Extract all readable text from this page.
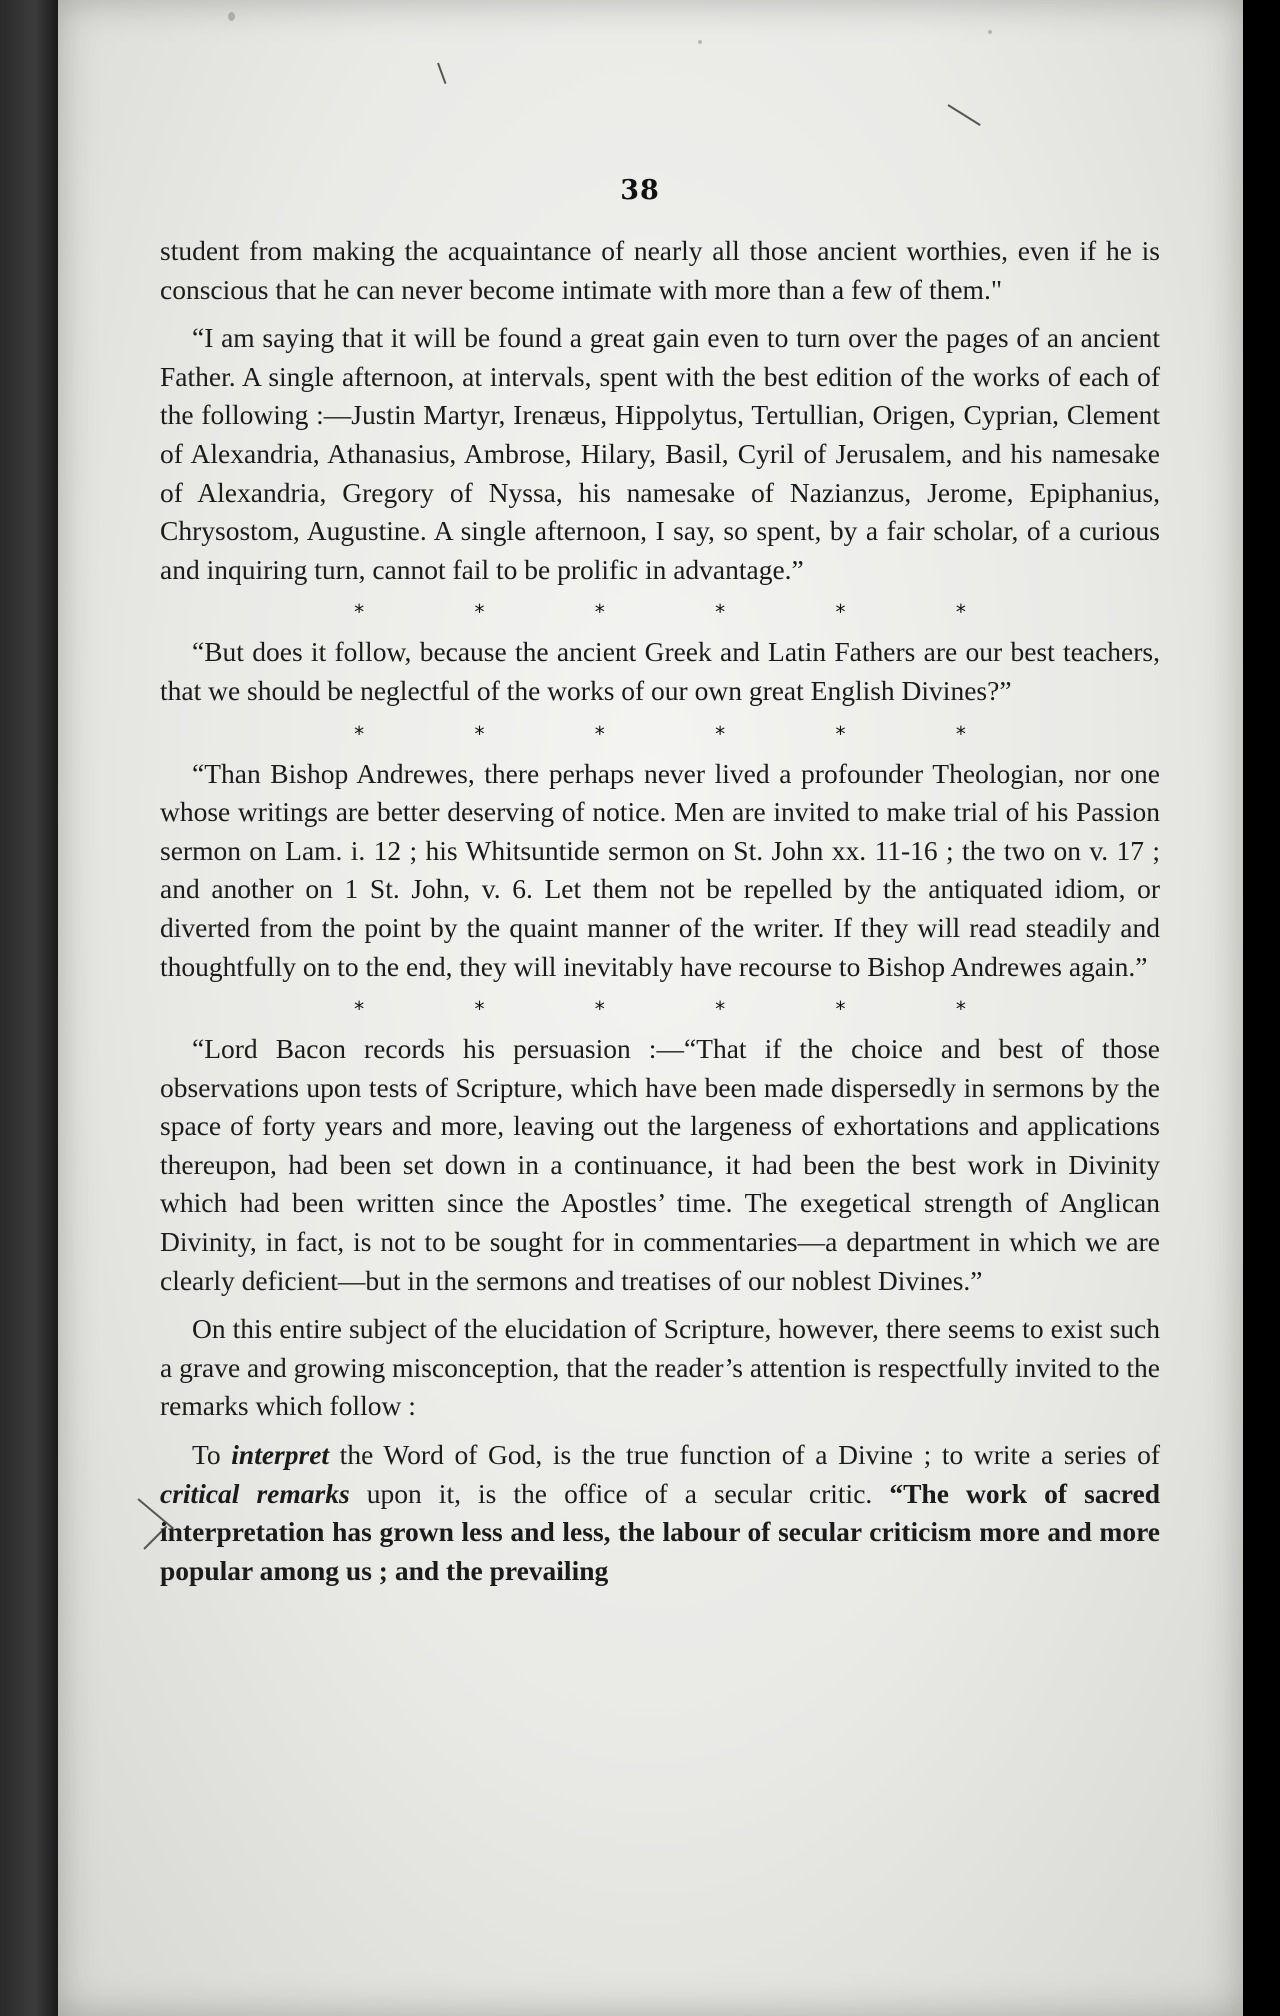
38

student from making the acquaintance of nearly all those ancient worthies, even if he is conscious that he can never become intimate with more than a few of them."

“I am saying that it will be found a great gain even to turn over the pages of an ancient Father. A single afternoon, at intervals, spent with the best edition of the works of each of the following :—Justin Martyr, Irenæus, Hippolytus, Tertullian, Origen, Cyprian, Clement of Alexandria, Athanasius, Ambrose, Hilary, Basil, Cyril of Jerusalem, and his namesake of Alexandria, Gregory of Nyssa, his namesake of Nazianzus, Jerome, Epiphanius, Chrysostom, Augustine. A single afternoon, I say, so spent, by a fair scholar, of a curious and inquiring turn, cannot fail to be prolific in advantage.”

* * * * * *

“But does it follow, because the ancient Greek and Latin Fathers are our best teachers, that we should be neglectful of the works of our own great English Divines?”

* * * * * *

“Than Bishop Andrewes, there perhaps never lived a profounder Theologian, nor one whose writings are better deserving of notice. Men are invited to make trial of his Passion sermon on Lam. i. 12 ; his Whitsuntide sermon on St. John xx. 11-16 ; the two on v. 17 ; and another on 1 St. John, v. 6. Let them not be repelled by the antiquated idiom, or diverted from the point by the quaint manner of the writer. If they will read steadily and thoughtfully on to the end, they will inevitably have recourse to Bishop Andrewes again.”

* * * * * *

“Lord Bacon records his persuasion :—“That if the choice and best of those observations upon tests of Scripture, which have been made dispersedly in sermons by the space of forty years and more, leaving out the largeness of exhortations and applications thereupon, had been set down in a continuance, it had been the best work in Divinity which had been written since the Apostles’ time. The exegetical strength of Anglican Divinity, in fact, is not to be sought for in commentaries—a department in which we are clearly deficient—but in the sermons and treatises of our noblest Divines.”

On this entire subject of the elucidation of Scripture, however, there seems to exist such a grave and growing misconception, that the reader’s attention is respectfully invited to the remarks which follow :

To interpret the Word of God, is the true function of a Divine ; to write a series of critical remarks upon it, is the office of a secular critic. “The work of sacred interpretation has grown less and less, the labour of secular criticism more and more popular among us ; and the prevailing
